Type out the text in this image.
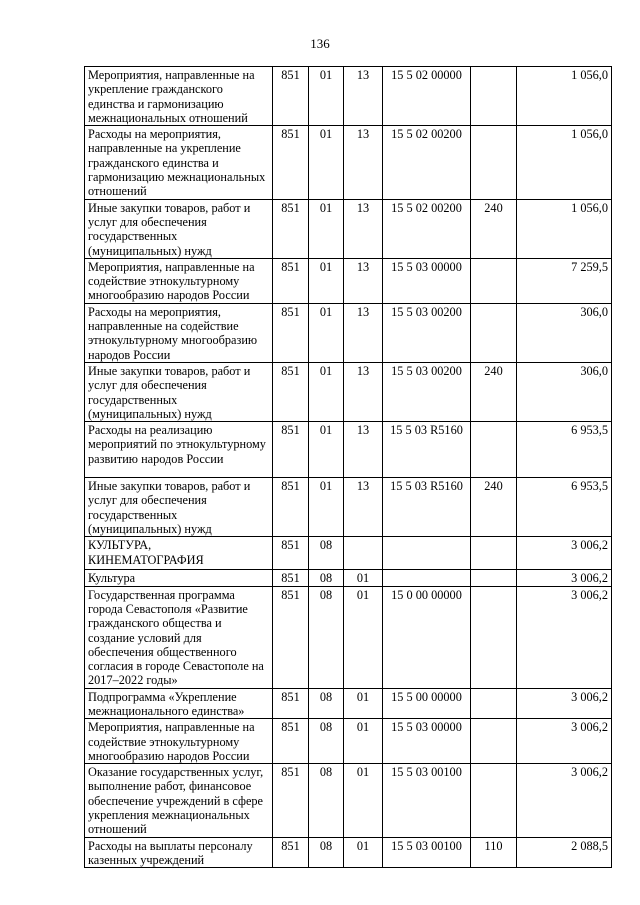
136
Мероприятия, направленные на укрепление гражданского единства и гармонизацию межнациональных отношений	851	01	13	15 5 02 00000		1 056,0
Расходы на мероприятия, направленные на укрепление гражданского единства и гармонизацию межнациональных отношений	851	01	13	15 5 02 00200		1 056,0
Иные закупки товаров, работ и услуг для обеспечения государственных (муниципальных) нужд	851	01	13	15 5 02 00200	240	1 056,0
Мероприятия, направленные на содействие этнокультурному многообразию народов России	851	01	13	15 5 03 00000		7 259,5
Расходы на мероприятия, направленные на содействие этнокультурному многообразию народов России	851	01	13	15 5 03 00200		306,0
Иные закупки товаров, работ и услуг для обеспечения государственных (муниципальных) нужд	851	01	13	15 5 03 00200	240	306,0
Расходы на реализацию мероприятий по этнокультурному развитию народов России	851	01	13	15 5 03 R5160		6 953,5
Иные закупки товаров, работ и услуг для обеспечения государственных (муниципальных) нужд	851	01	13	15 5 03 R5160	240	6 953,5
КУЛЬТУРА, КИНЕМАТОГРАФИЯ	851	08				3 006,2
Культура	851	08	01			3 006,2
Государственная программа города Севастополя «Развитие гражданского общества и создание условий для обеспечения общественного согласия в городе Севастополе на 2017–2022 годы»	851	08	01	15 0 00 00000		3 006,2
Подпрограмма «Укрепление межнационального единства»	851	08	01	15 5 00 00000		3 006,2
Мероприятия, направленные на содействие этнокультурному многообразию народов России	851	08	01	15 5 03 00000		3 006,2
Оказание государственных услуг, выполнение работ, финансовое обеспечение учреждений в сфере укрепления межнациональных отношений	851	08	01	15 5 03 00100		3 006,2
Расходы на выплаты персоналу казенных учреждений	851	08	01	15 5 03 00100	110	2 088,5
